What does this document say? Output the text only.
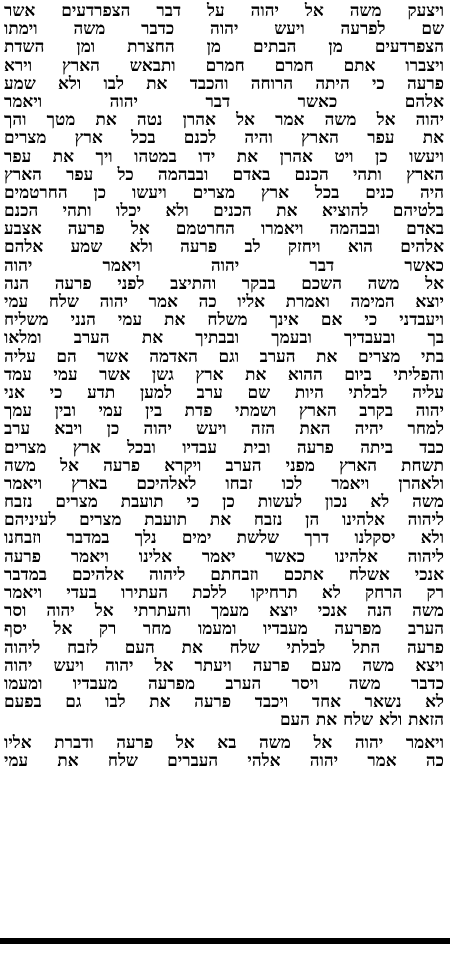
ויצעק משה אל יהוה על דבר הצפרדעים אשר
שם לפרעה ויעש יהוה כדבר משה וימתו
הצפרדעים מן הבתים מן החצרת ומן השדת
ויצברו אתם חמרם חמרם ותבאש הארץ וירא
פרעה כי היתה הרוחה והכבד את לבו ולא שמע
אלהם כאשר דבר יהוה ויאמר
יהוה אל משה אמר אל אהרן נטה את מטך והך
את עפר הארץ והיה לכנם בכל ארץ מצרים
ויעשו כן ויט אהרן את ידו במטהו ויך את עפר
הארץ ותהי הכנם באדם ובבהמה כל עפר הארץ
היה כנים בכל ארץ מצרים ויעשו כן החרטמים
בלטיהם להוציא את הכנים ולא יכלו ותהי הכנם
באדם ובבהמה ויאמרו החרטמם אל פרעה אצבע
אלהים הוא ויחזק לב פרעה ולא שמע אלהם
כאשר דבר יהוה ויאמר יהוה
אל משה השכם בבקר והתיצב לפני פרעה הנה
יוצא המימה ואמרת אליו כה אמר יהוה שלח עמי
ויעבדני כי אם אינך משלח את עמי הנני משליח
בך ובעבדיך ובעמך ובבתיך את הערב ומלאו
בתי מצרים את הערב וגם האדמה אשר הם עליה
והפליתי ביום ההוא את ארץ גשן אשר עמי עמד
עליה לבלתי היות שם ערב למען תדע כי אני
יהוה בקרב הארץ ושמתי פדת בין עמי ובין עמך
למחר יהיה האת הזה ויעש יהוה כן ויבא ערב
כבד ביתה פרעה ובית עבדיו ובכל ארץ מצרים
תשחת הארץ מפני הערב ויקרא פרעה אל משה
ולאהרן ויאמר לכו זבחו לאלהיכם בארץ ויאמר
משה לא נכון לעשות כן כי תועבת מצרים נזבח
ליהוה אלהינו הן נזבח את תועבת מצרים לעיניהם
ולא יסקלנו דרך שלשת ימים נלך במדבר וזבחנו
ליהוה אלהינו כאשר יאמר אלינו ויאמר פרעה
אנכי אשלח אתכם וזבחתם ליהוה אלהיכם במדבר
רק הרחק לא תרחיקו ללכת העתירו בעדי ויאמר
משה הנה אנכי יוצא מעמך והעתרתי אל יהוה וסר
הערב מפרעה מעבדיו ומעמו מחר רק אל יסף
פרעה התל לבלתי שלח את העם לזבח ליהוה
ויצא משה מעם פרעה ויעתר אל יהוה ויעש יהוה
כדבר משה ויסר הערב מפרעה מעבדיו ומעמו
לא נשאר אחד ויכבד פרעה את לבו גם בפעם
הזאת ולא שלח את העם
ויאמר יהוה אל משה בא אל פרעה ודברת אליו
כה אמר יהוה אלהי העברים שלח את עמי
